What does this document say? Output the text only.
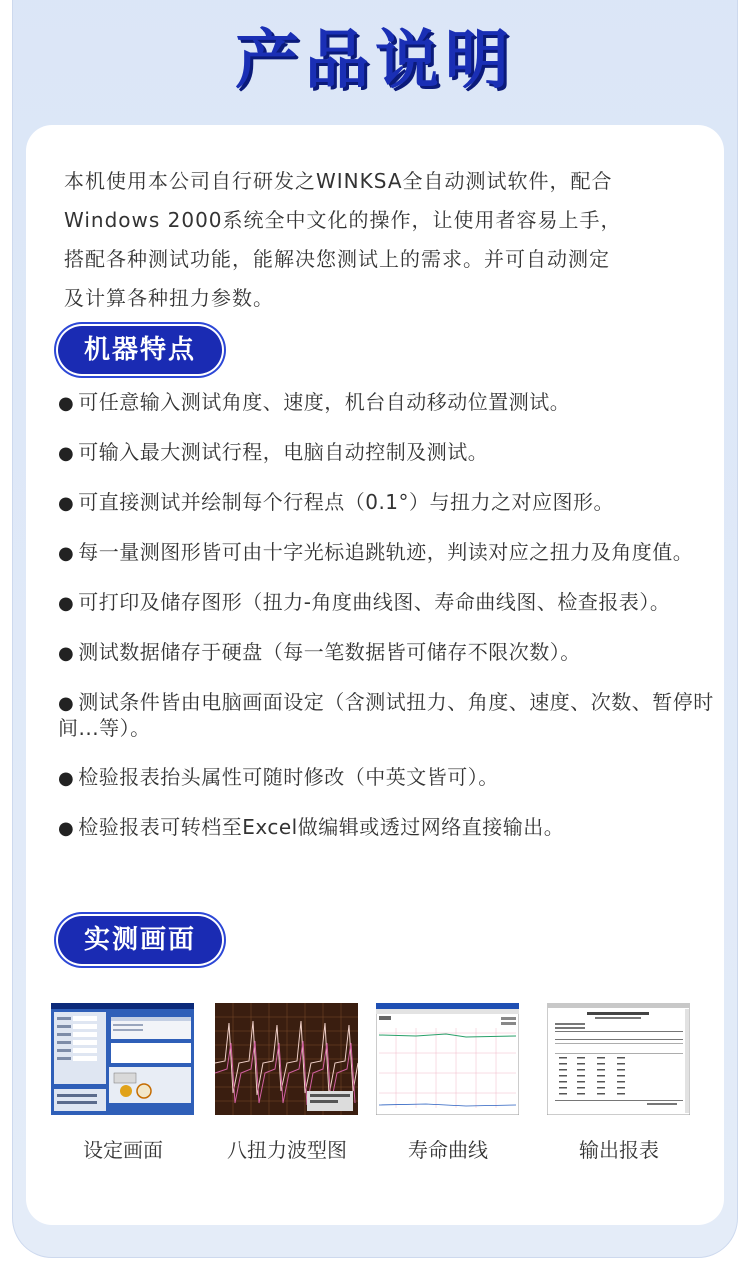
产品说明
本机使用本公司自行研发之WINKSA全自动测试软件，配合
Windows 2000系统全中文化的操作，让使用者容易上手，
搭配各种测试功能，能解决您测试上的需求。并可自动测定
及计算各种扭力参数。
机器特点
● 可任意输入测试角度、速度，机台自动移动位置测试。
● 可输入最大测试行程，电脑自动控制及测试。
● 可直接测试并绘制每个行程点（0.1°）与扭力之对应图形。
● 每一量测图形皆可由十字光标追跳轨迹，判读对应之扭力及角度值。
● 可打印及储存图形（扭力-角度曲线图、寿命曲线图、检查报表）。
● 测试数据储存于硬盘（每一笔数据皆可储存不限次数）。
● 测试条件皆由电脑画面设定（含测试扭力、角度、速度、次数、暂停时间...等）。
● 检验报表抬头属性可随时修改（中英文皆可）。
● 检验报表可转档至Excel做编辑或透过网络直接输出。
实测画面
设定画面	八扭力波型图	寿命曲线	输出报表
